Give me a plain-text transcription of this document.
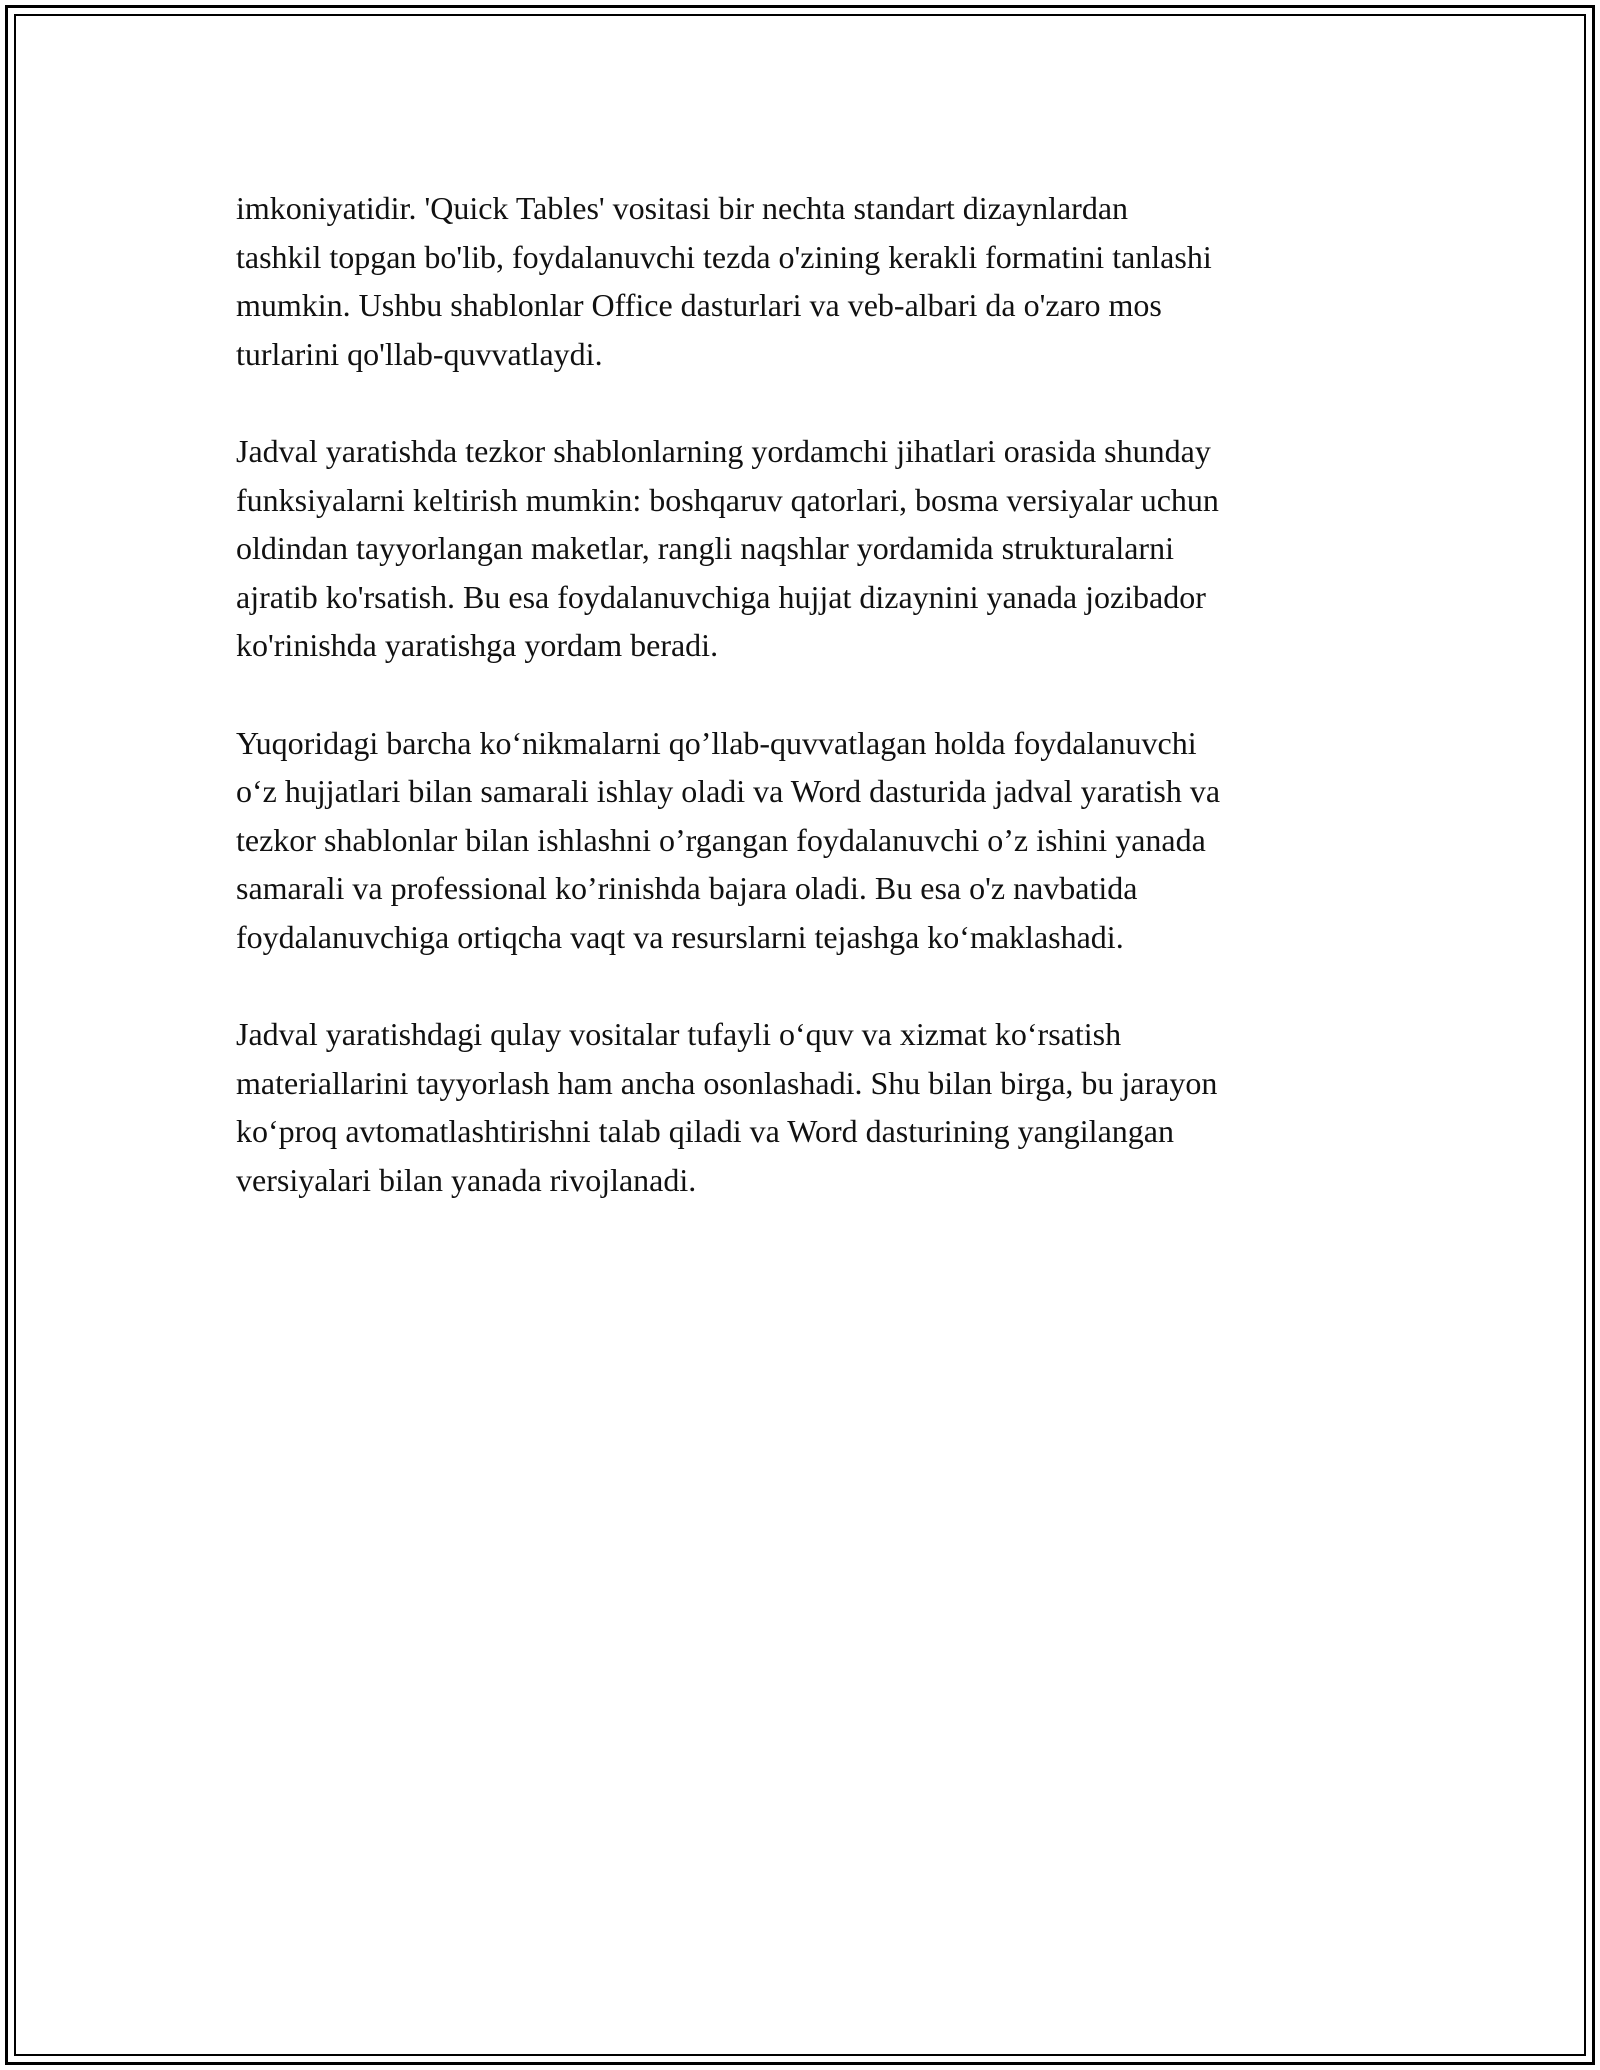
imkoniyatidir. 'Quick Tables' vositasi bir nechta standart dizaynlardan
tashkil topgan bo'lib, foydalanuvchi tezda o'zining kerakli formatini tanlashi
mumkin. Ushbu shablonlar Office dasturlari va veb-albari da o'zaro mos
turlarini qo'llab-quvvatlaydi.

Jadval yaratishda tezkor shablonlarning yordamchi jihatlari orasida shunday
funksiyalarni keltirish mumkin: boshqaruv qatorlari, bosma versiyalar uchun
oldindan tayyorlangan maketlar, rangli naqshlar yordamida strukturalarni
ajratib ko'rsatish. Bu esa foydalanuvchiga hujjat dizaynini yanada jozibador
ko'rinishda yaratishga yordam beradi.

Yuqoridagi barcha koʻnikmalarni qo’llab-quvvatlagan holda foydalanuvchi
oʻz hujjatlari bilan samarali ishlay oladi va Word dasturida jadval yaratish va
tezkor shablonlar bilan ishlashni o’rgangan foydalanuvchi o’z ishini yanada
samarali va professional ko’rinishda bajara oladi. Bu esa o'z navbatida
foydalanuvchiga ortiqcha vaqt va resurslarni tejashga koʻmaklashadi.

Jadval yaratishdagi qulay vositalar tufayli oʻquv va xizmat koʻrsatish
materiallarini tayyorlash ham ancha osonlashadi. Shu bilan birga, bu jarayon
koʻproq avtomatlashtirishni talab qiladi va Word dasturining yangilangan
versiyalari bilan yanada rivojlanadi.
